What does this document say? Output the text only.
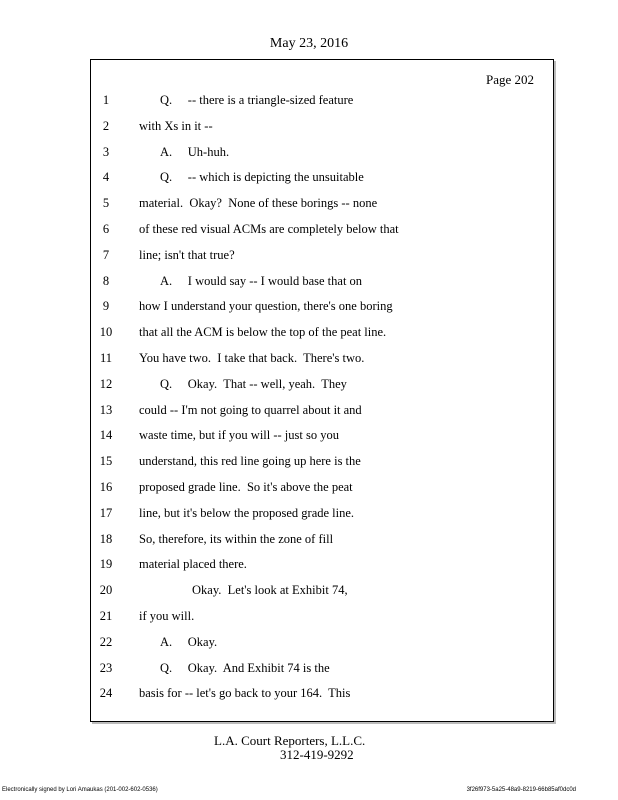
May 23, 2016
Page 202
1	Q.     -- there is a triangle-sized feature
2	with Xs in it --
3	A.     Uh-huh.
4	Q.     -- which is depicting the unsuitable
5	material.  Okay?  None of these borings -- none
6	of these red visual ACMs are completely below that
7	line; isn't that true?
8	A.     I would say -- I would base that on
9	how I understand your question, there's one boring
10	that all the ACM is below the top of the peat line.
11	You have two.  I take that back.  There's two.
12	Q.     Okay.  That -- well, yeah.  They
13	could -- I'm not going to quarrel about it and
14	waste time, but if you will -- just so you
15	understand, this red line going up here is the
16	proposed grade line.  So it's above the peat
17	line, but it's below the proposed grade line.
18	So, therefore, its within the zone of fill
19	material placed there.
20	Okay.  Let's look at Exhibit 74,
21	if you will.
22	A.     Okay.
23	Q.     Okay.  And Exhibit 74 is the
24	basis for -- let's go back to your 164.  This
L.A. Court Reporters, L.L.C.
312-419-9292
Electronically signed by Lori Amaukas (201-002-602-0536)	3f26f973-5a25-48a9-8219-66b85af0dc0d
